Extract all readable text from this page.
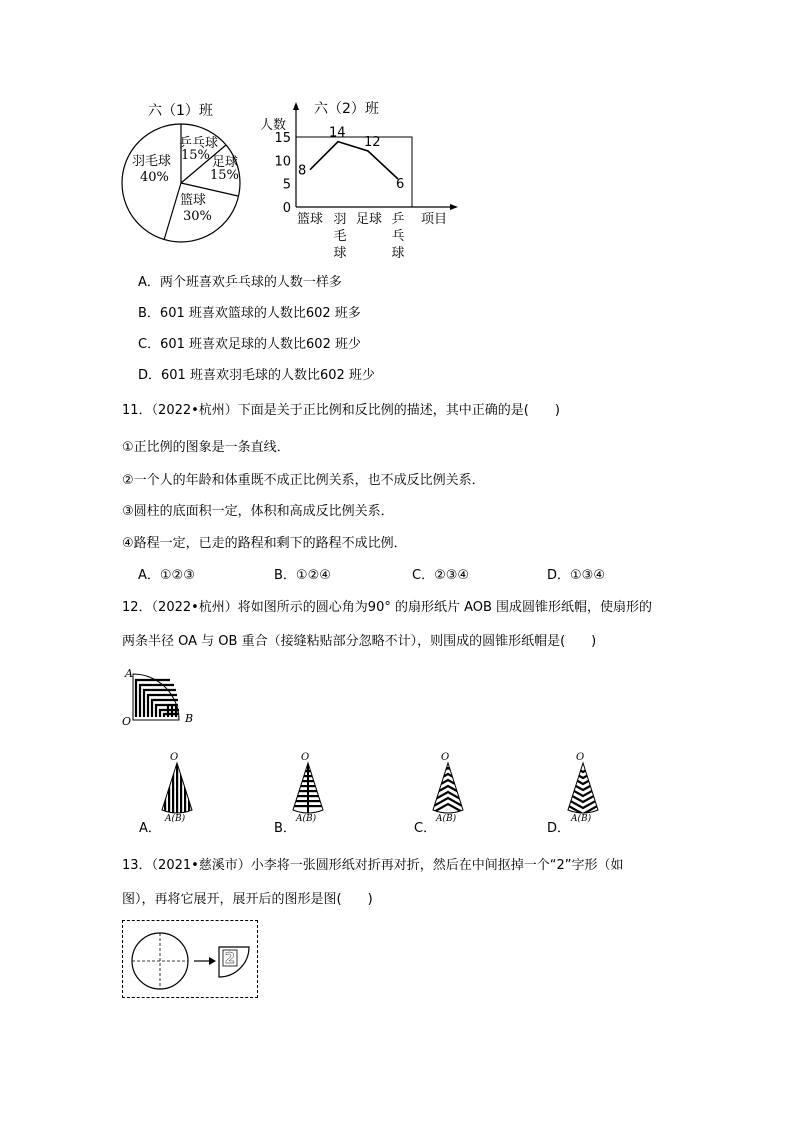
六（1）班
羽毛球
40%
乒乓球
15% 足球
15%
篮球
30%
六（2）班
人数
0
5
10
15
8
14
12
6
篮球 羽
毛
球
足球 乒
乓
球
项目
A．两个班喜欢乒乓球的人数一样多
B．601 班喜欢篮球的人数比602 班多
C．601 班喜欢足球的人数比602 班少
D．601 班喜欢羽毛球的人数比602 班少
11．（2022•杭州）下面是关于正比例和反比例的描述，其中正确的是(　　)
①正比例的图象是一条直线．
②一个人的年龄和体重既不成正比例关系，也不成反比例关系．
③圆柱的底面积一定，体积和高成反比例关系．
④路程一定，已走的路程和剩下的路程不成比例．
A．①②③	B．①②④	C．②③④	D．①③④
12．（2022•杭州）将如图所示的圆心角为90° 的扇形纸片 AOB 围成圆锥形纸帽，使扇形的
两条半径 OA 与 OB 重合（接缝粘贴部分忽略不计），则围成的圆锥形纸帽是(　　)
A
O	B
A．
O
A(B)
B．
O
A(B)
C．
O
A(B)
D．
O
A(B)
13．（2021•慈溪市）小李将一张圆形纸对折再对折，然后在中间抠掉一个“2”字形（如
图），再将它展开，展开后的图形是图(　　)
2
